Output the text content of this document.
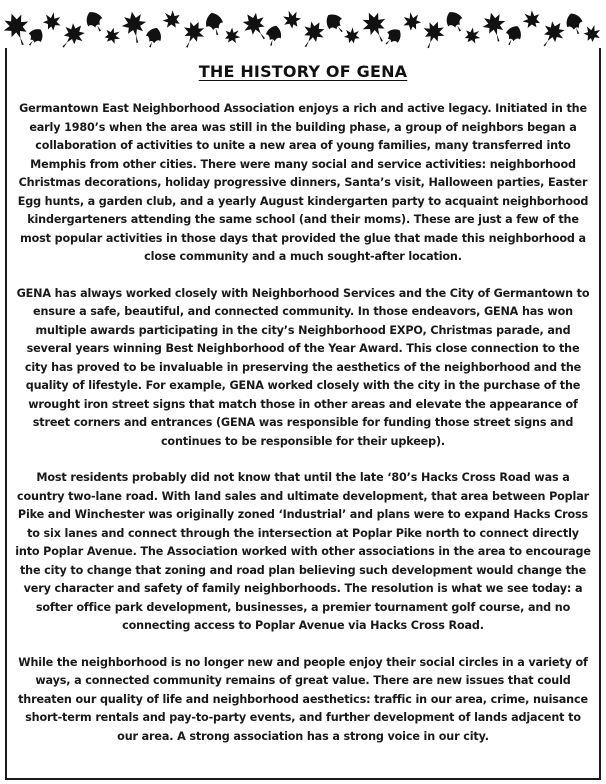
THE HISTORY OF GENA

Germantown East Neighborhood Association enjoys a rich and active legacy. Initiated in the early 1980’s when the area was still in the building phase, a group of neighbors began a collaboration of activities to unite a new area of young families, many transferred into Memphis from other cities. There were many social and service activities: neighborhood Christmas decorations, holiday progressive dinners, Santa’s visit, Halloween parties, Easter Egg hunts, a garden club, and a yearly August kindergarten party to acquaint neighborhood kindergarteners attending the same school (and their moms). These are just a few of the most popular activities in those days that provided the glue that made this neighborhood a close community and a much sought-after location.

GENA has always worked closely with Neighborhood Services and the City of Germantown to ensure a safe, beautiful, and connected community. In those endeavors, GENA has won multiple awards participating in the city’s Neighborhood EXPO, Christmas parade, and several years winning Best Neighborhood of the Year Award. This close connection to the city has proved to be invaluable in preserving the aesthetics of the neighborhood and the quality of lifestyle. For example, GENA worked closely with the city in the purchase of the wrought iron street signs that match those in other areas and elevate the appearance of street corners and entrances (GENA was responsible for funding those street signs and continues to be responsible for their upkeep).

Most residents probably did not know that until the late ‘80’s Hacks Cross Road was a country two-lane road. With land sales and ultimate development, that area between Poplar Pike and Winchester was originally zoned ‘Industrial’ and plans were to expand Hacks Cross to six lanes and connect through the intersection at Poplar Pike north to connect directly into Poplar Avenue. The Association worked with other associations in the area to encourage the city to change that zoning and road plan believing such development would change the very character and safety of family neighborhoods. The resolution is what we see today: a softer office park development, businesses, a premier tournament golf course, and no connecting access to Poplar Avenue via Hacks Cross Road.

While the neighborhood is no longer new and people enjoy their social circles in a variety of ways, a connected community remains of great value. There are new issues that could threaten our quality of life and neighborhood aesthetics: traffic in our area, crime, nuisance short-term rentals and pay-to-party events, and further development of lands adjacent to our area. A strong association has a strong voice in our city.
